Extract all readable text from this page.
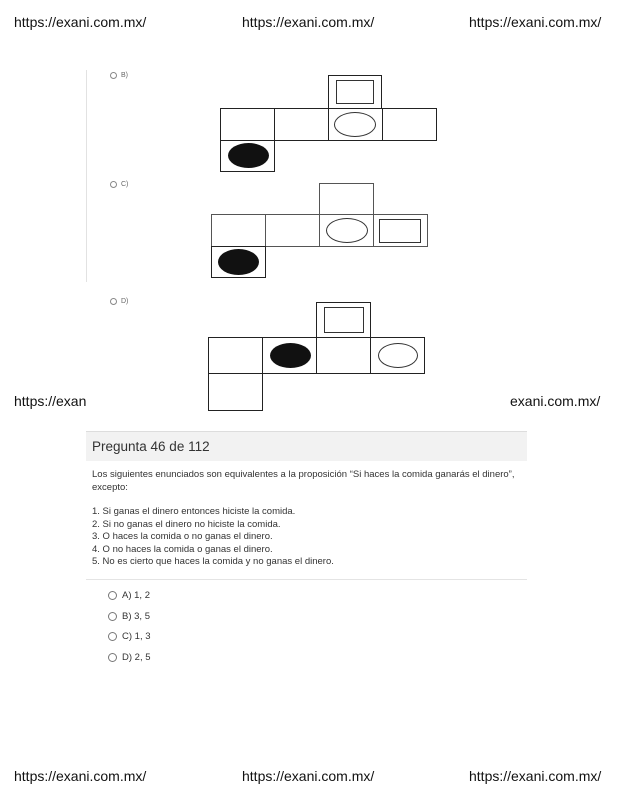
https://exani.com.mx/	https://exani.com.mx/	https://exani.com.mx/
B)
C)
D)
https://exan	exani.com.mx/
Pregunta 46 de 112

Los siguientes enunciados son equivalentes a la proposición “Si haces la comida ganarás el dinero”, excepto:

1. Si ganas el dinero entonces hiciste la comida.

2. Si no ganas el dinero no hiciste la comida.

3. O haces la comida o no ganas el dinero.

4. O no haces la comida o ganas el dinero.

5. No es cierto que haces la comida y no ganas el dinero.

A) 1, 2
B) 3, 5
C) 1, 3
D) 2, 5
https://exani.com.mx/	https://exani.com.mx/	https://exani.com.mx/
